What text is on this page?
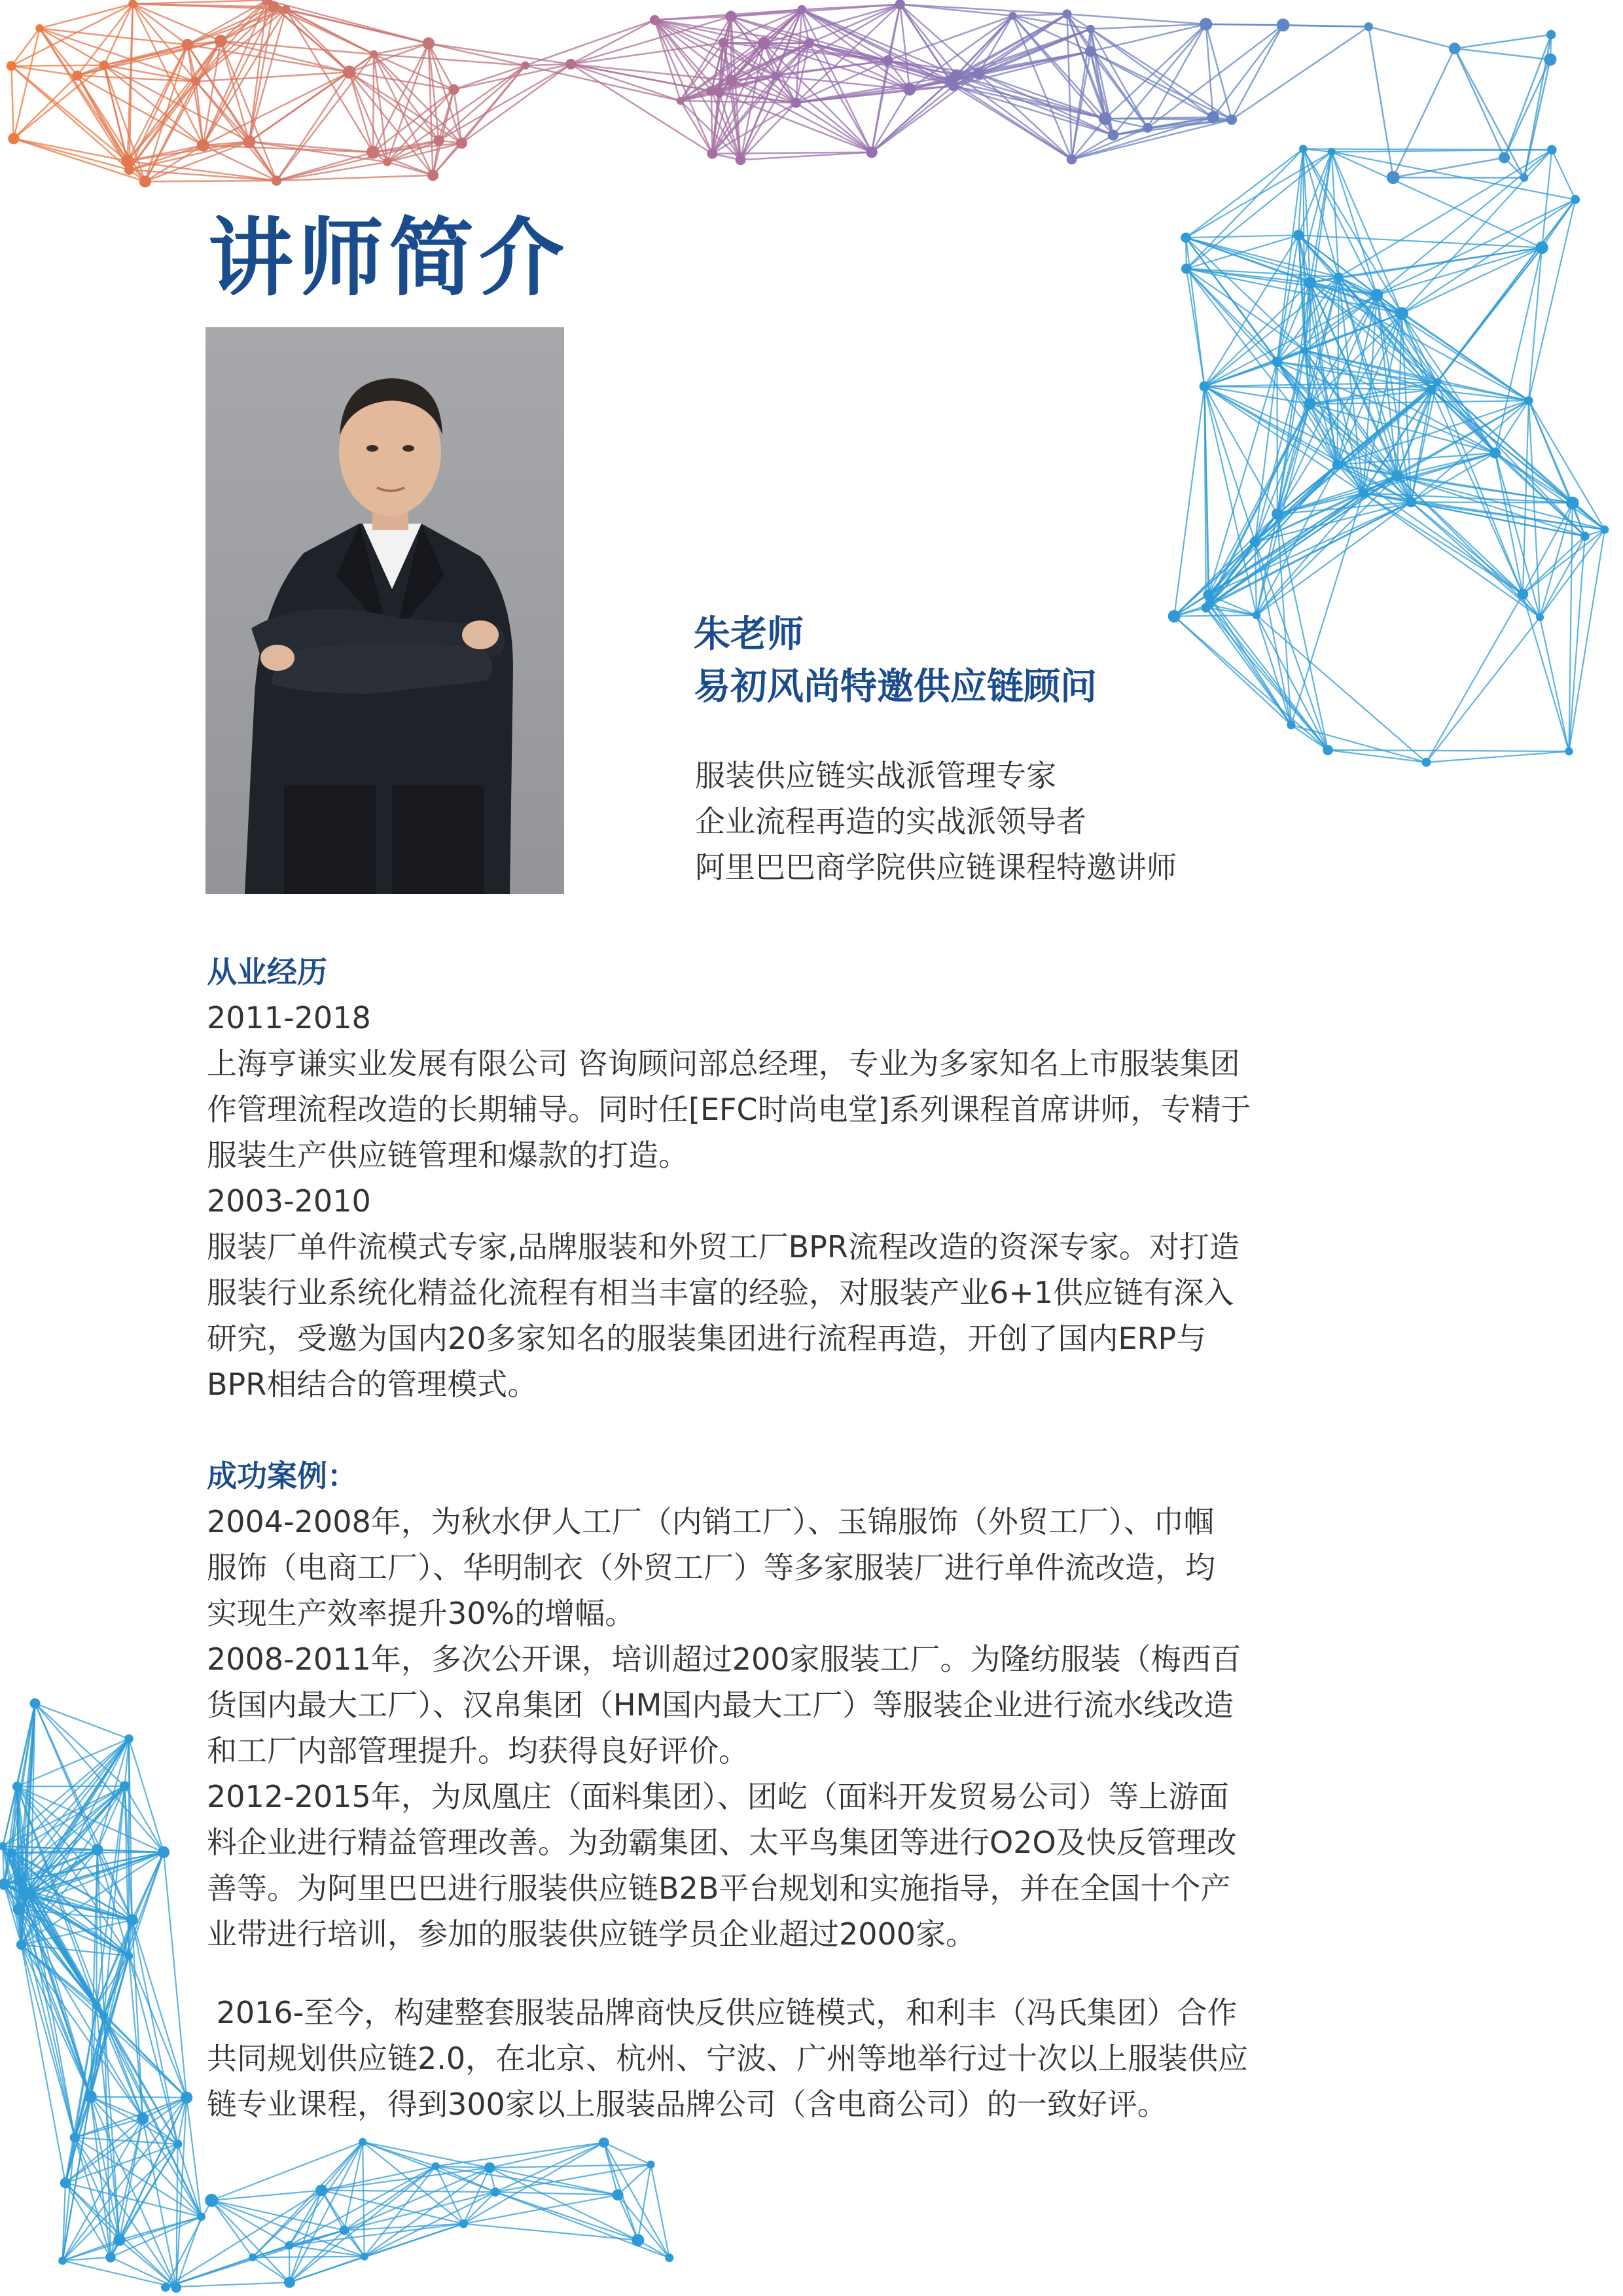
讲师简介
朱老师
易初风尚特邀供应链顾问
服装供应链实战派管理专家
企业流程再造的实战派领导者
阿里巴巴商学院供应链课程特邀讲师
从业经历

2011-2018

上海亨谦实业发展有限公司 咨询顾问部总经理，专业为多家知名上市服装集团

作管理流程改造的长期辅导。同时任[EFC时尚电堂]系列课程首席讲师，专精于

服装生产供应链管理和爆款的打造。

2003-2010

服装厂单件流模式专家,品牌服装和外贸工厂BPR流程改造的资深专家。对打造

服装行业系统化精益化流程有相当丰富的经验，对服装产业6+1供应链有深入

研究，受邀为国内20多家知名的服装集团进行流程再造，开创了国内ERP与

BPR相结合的管理模式。

成功案例：

2004-2008年，为秋水伊人工厂（内销工厂）、玉锦服饰（外贸工厂）、巾帼

服饰（电商工厂）、华明制衣（外贸工厂）等多家服装厂进行单件流改造，均

实现生产效率提升30%的增幅。

2008-2011年，多次公开课，培训超过200家服装工厂。为隆纺服装（梅西百

货国内最大工厂）、汉帛集团（HM国内最大工厂）等服装企业进行流水线改造

和工厂内部管理提升。均获得良好评价。

2012-2015年，为凤凰庄（面料集团）、团屹（面料开发贸易公司）等上游面

料企业进行精益管理改善。为劲霸集团、太平鸟集团等进行O2O及快反管理改

善等。为阿里巴巴进行服装供应链B2B平台规划和实施指导，并在全国十个产

业带进行培训，参加的服装供应链学员企业超过2000家。

2016-至今，构建整套服装品牌商快反供应链模式，和利丰（冯氏集团）合作

共同规划供应链2.0，在北京、杭州、宁波、广州等地举行过十次以上服装供应

链专业课程，得到300家以上服装品牌公司（含电商公司）的一致好评。
